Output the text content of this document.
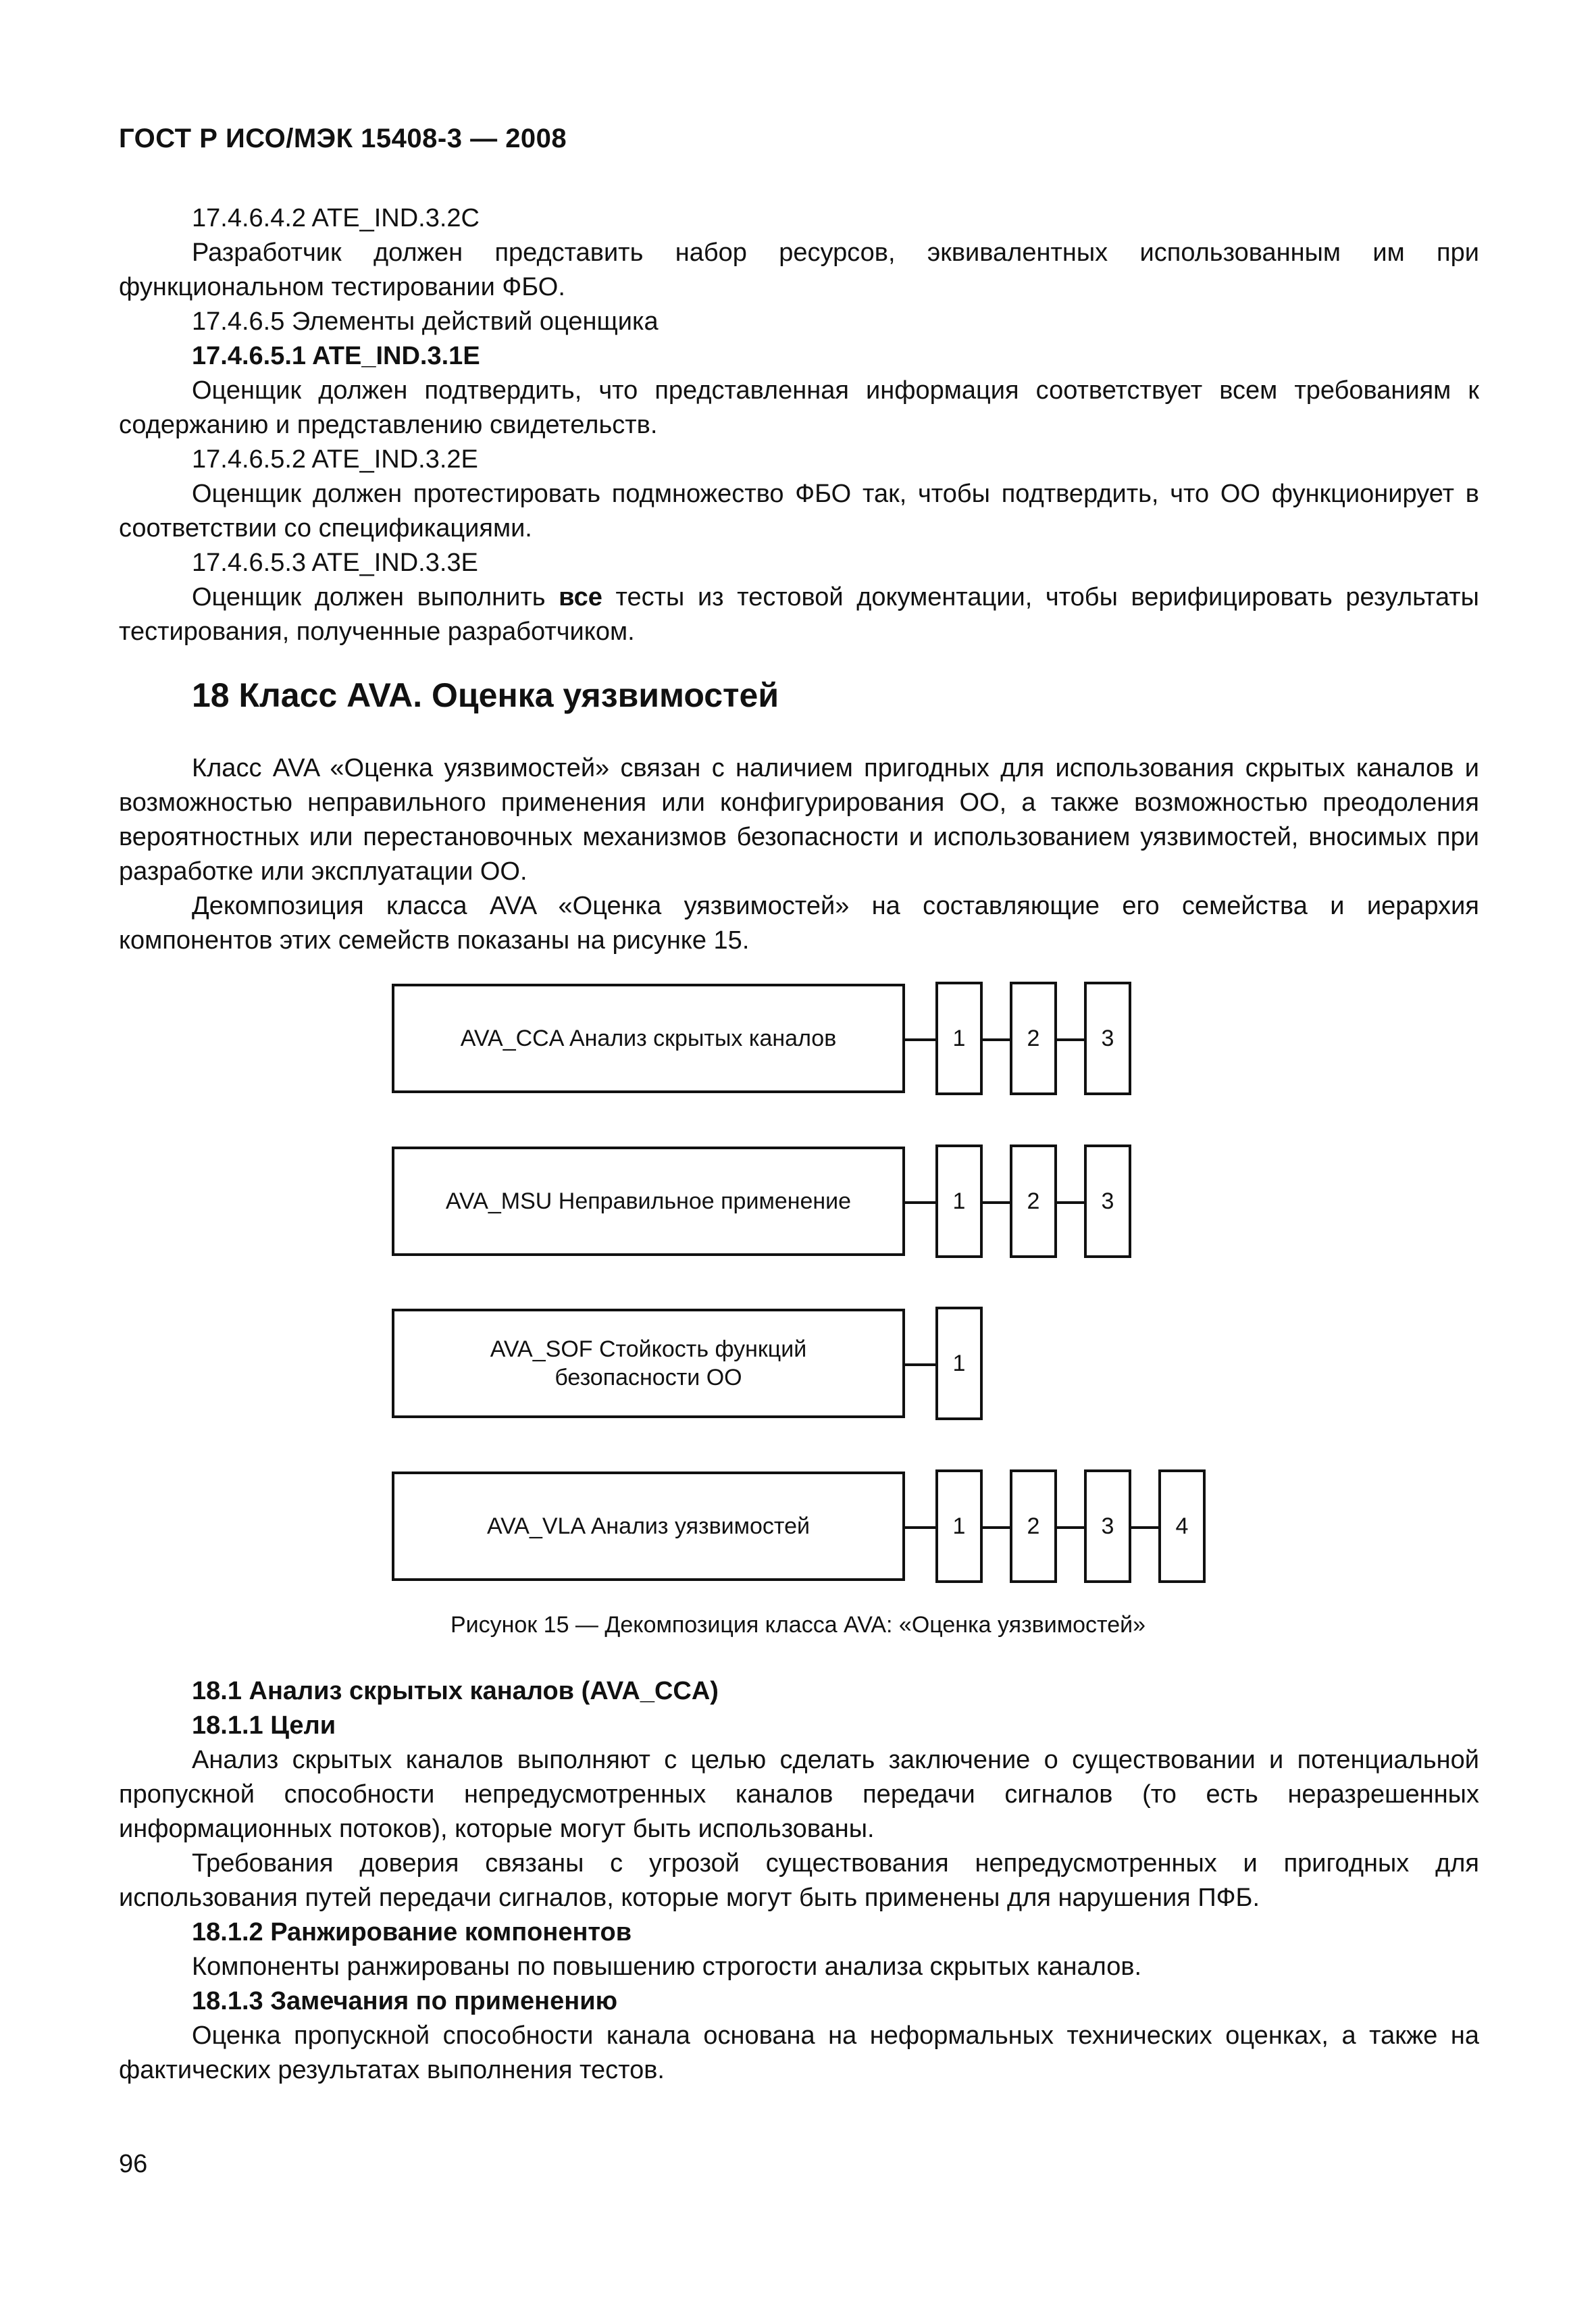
ГОСТ Р ИСО/МЭК 15408-3 — 2008
17.4.6.4.2 ATE_IND.3.2С

Разработчик должен представить набор ресурсов, эквивалентных использованным им при функциональном тестировании ФБО.

17.4.6.5 Элементы действий оценщика
17.4.6.5.1 ATE_IND.3.1E

Оценщик должен подтвердить, что представленная информация соответствует всем требованиям к содержанию и представлению свидетельств.

17.4.6.5.2 ATE_IND.3.2E

Оценщик должен протестировать подмножество ФБО так, чтобы подтвердить, что ОО функционирует в соответствии со спецификациями.

17.4.6.5.3 ATE_IND.3.3E

Оценщик должен выполнить все тесты из тестовой документации, чтобы верифицировать результаты тестирования, полученные разработчиком.

18 Класс AVA. Оценка уязвимостей

Класс AVA «Оценка уязвимостей» связан с наличием пригодных для использования скрытых каналов и возможностью неправильного применения или конфигурирования ОО, а также возможностью преодоления вероятностных или перестановочных механизмов безопасности и использованием уязвимостей, вносимых при разработке или эксплуатации ОО.

Декомпозиция класса AVA «Оценка уязвимостей» на составляющие его семейства и иерархия компонентов этих семейств показаны на рисунке 15.

AVA_CCA Анализ скрытых каналов	1	2	3
AVA_MSU Неправильное применение	1	2	3
AVA_SOF Стойкость функций
безопасности ОО
1
AVA_VLA Анализ уязвимостей	1	2	3	4
Рисунок 15 — Декомпозиция класса AVA: «Оценка уязвимостей»
18.1 Анализ скрытых каналов (AVA_CCA)
18.1.1 Цели

Анализ скрытых каналов выполняют с целью сделать заключение о существовании и потенциальной пропускной способности непредусмотренных каналов передачи сигналов (то есть неразрешенных информационных потоков), которые могут быть использованы.

Требования доверия связаны с угрозой существования непредусмотренных и пригодных для использования путей передачи сигналов, которые могут быть применены для нарушения ПФБ.

18.1.2 Ранжирование компонентов

Компоненты ранжированы по повышению строгости анализа скрытых каналов.

18.1.3 Замечания по применению

Оценка пропускной способности канала основана на неформальных технических оценках, а также на фактических результатах выполнения тестов.

96
